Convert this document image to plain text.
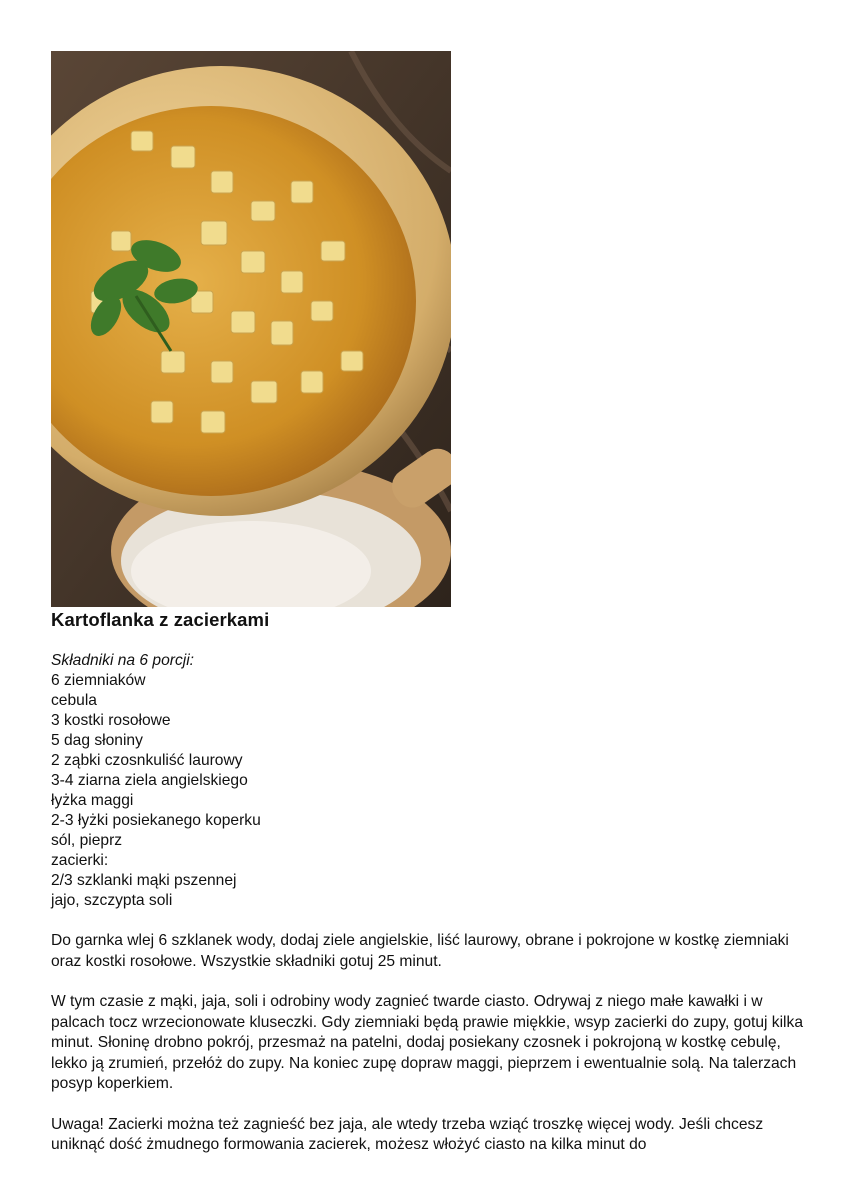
Kartoflanka z zacierkami
Składniki na 6 porcji:
6 ziemniaków
cebula
3 kostki rosołowe
5 dag słoniny
2 ząbki czosnkuliść laurowy
3-4 ziarna ziela angielskiego
łyżka maggi
2-3 łyżki posiekanego koperku
sól, pieprz
zacierki:
2/3 szklanki mąki pszennej
jajo, szczypta soli

Do garnka wlej 6 szklanek wody, dodaj ziele angielskie, liść laurowy, obrane i pokrojone w kostkę ziemniaki oraz kostki rosołowe. Wszystkie składniki gotuj 25 minut.

W tym czasie z mąki, jaja, soli i odrobiny wody zagnieć twarde ciasto. Odrywaj z niego małe kawałki i w palcach tocz wrzecionowate kluseczki. Gdy ziemniaki będą prawie miękkie, wsyp zacierki do zupy, gotuj kilka minut. Słoninę drobno pokrój, przesmaż na patelni, dodaj posiekany czosnek i pokrojoną w kostkę cebulę, lekko ją zrumień, przełóż do zupy. Na koniec zupę dopraw maggi, pieprzem i ewentualnie solą. Na talerzach posyp koperkiem.

Uwaga! Zacierki można też zagnieść bez jaja, ale wtedy trzeba wziąć troszkę więcej wody. Jeśli chcesz uniknąć dość żmudnego formowania zacierek, możesz włożyć ciasto na kilka minut do
